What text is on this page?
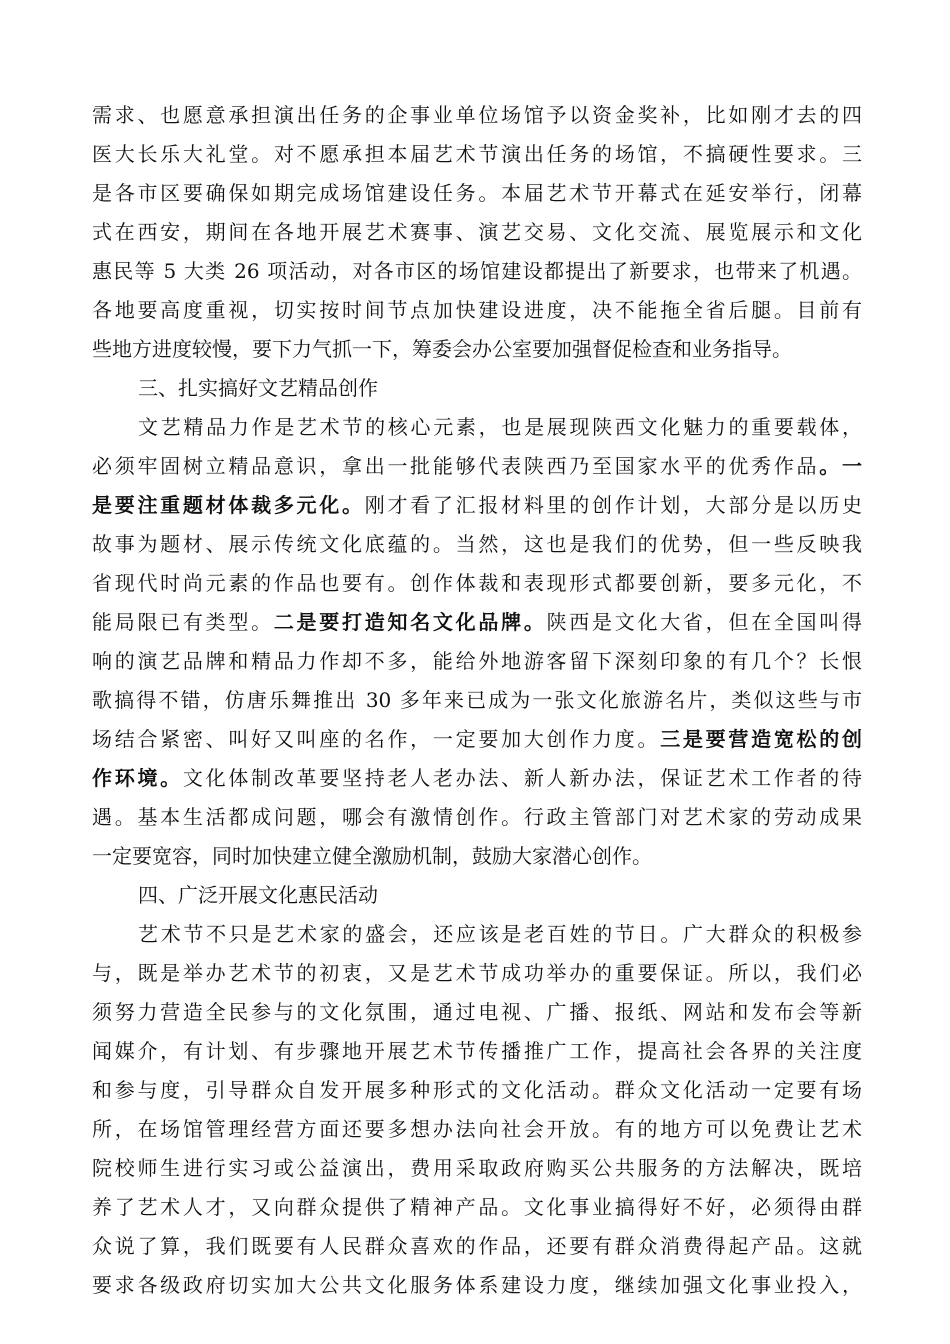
需求、也愿意承担演出任务的企事业单位场馆予以资金奖补，比如刚才去的四
医大长乐大礼堂。对不愿承担本届艺术节演出任务的场馆，不搞硬性要求。三
是各市区要确保如期完成场馆建设任务。本届艺术节开幕式在延安举行，闭幕
式在西安，期间在各地开展艺术赛事、演艺交易、文化交流、展览展示和文化
惠民等 5 大类 26 项活动，对各市区的场馆建设都提出了新要求，也带来了机遇。
各地要高度重视，切实按时间节点加快建设进度，决不能拖全省后腿。目前有
些地方进度较慢，要下力气抓一下，筹委会办公室要加强督促检查和业务指导。
三、扎实搞好文艺精品创作
文艺精品力作是艺术节的核心元素，也是展现陕西文化魅力的重要载体，
必须牢固树立精品意识，拿出一批能够代表陕西乃至国家水平的优秀作品。一
是要注重题材体裁多元化。刚才看了汇报材料里的创作计划，大部分是以历史
故事为题材、展示传统文化底蕴的。当然，这也是我们的优势，但一些反映我
省现代时尚元素的作品也要有。创作体裁和表现形式都要创新，要多元化，不
能局限已有类型。二是要打造知名文化品牌。陕西是文化大省，但在全国叫得
响的演艺品牌和精品力作却不多，能给外地游客留下深刻印象的有几个？长恨
歌搞得不错，仿唐乐舞推出 30 多年来已成为一张文化旅游名片，类似这些与市
场结合紧密、叫好又叫座的名作，一定要加大创作力度。三是要营造宽松的创
作环境。文化体制改革要坚持老人老办法、新人新办法，保证艺术工作者的待
遇。基本生活都成问题，哪会有激情创作。行政主管部门对艺术家的劳动成果
一定要宽容，同时加快建立健全激励机制，鼓励大家潜心创作。
四、广泛开展文化惠民活动
艺术节不只是艺术家的盛会，还应该是老百姓的节日。广大群众的积极参
与，既是举办艺术节的初衷，又是艺术节成功举办的重要保证。所以，我们必
须努力营造全民参与的文化氛围，通过电视、广播、报纸、网站和发布会等新
闻媒介，有计划、有步骤地开展艺术节传播推广工作，提高社会各界的关注度
和参与度，引导群众自发开展多种形式的文化活动。群众文化活动一定要有场
所，在场馆管理经营方面还要多想办法向社会开放。有的地方可以免费让艺术
院校师生进行实习或公益演出，费用采取政府购买公共服务的方法解决，既培
养了艺术人才，又向群众提供了精神产品。文化事业搞得好不好，必须得由群
众说了算，我们既要有人民群众喜欢的作品，还要有群众消费得起产品。这就
要求各级政府切实加大公共文化服务体系建设力度，继续加强文化事业投入，
